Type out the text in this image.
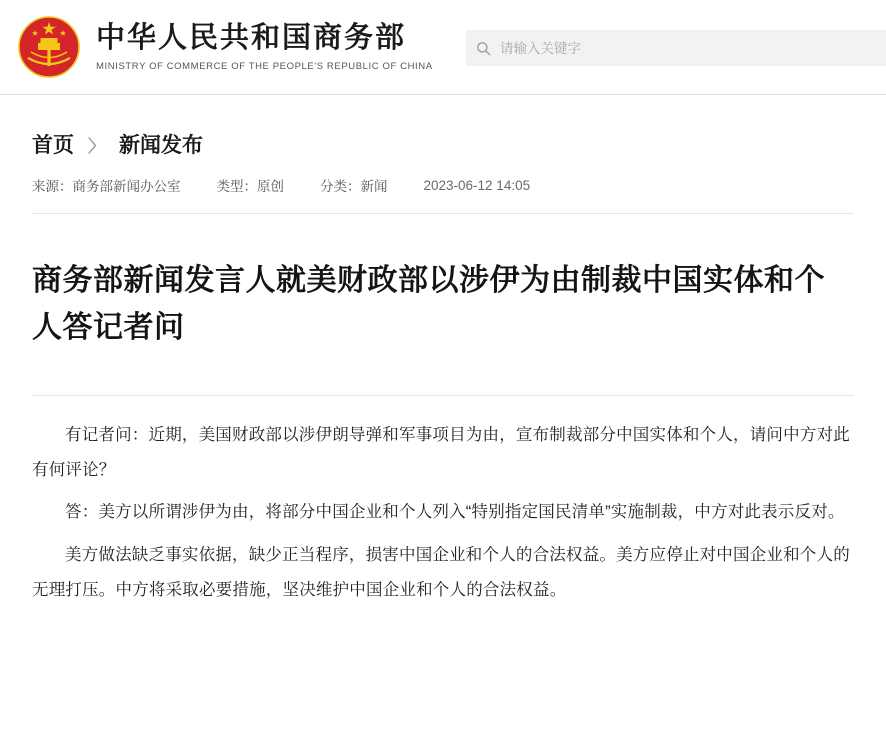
中华人民共和国商务部
MINISTRY OF COMMERCE OF THE PEOPLE'S REPUBLIC OF CHINA
请输入关键字
首页 〉 新闻发布
来源：商务部新闻办公室	类型：原创	分类：新闻	2023-06-12 14:05
商务部新闻发言人就美财政部以涉伊为由制裁中国实体和个人答记者问

有记者问：近期，美国财政部以涉伊朗导弹和军事项目为由，宣布制裁部分中国实体和个人，请问中方对此有何评论？

答：美方以所谓涉伊为由，将部分中国企业和个人列入“特别指定国民清单”实施制裁，中方对此表示反对。

美方做法缺乏事实依据，缺少正当程序，损害中国企业和个人的合法权益。美方应停止对中国企业和个人的无理打压。中方将采取必要措施，坚决维护中国企业和个人的合法权益。
